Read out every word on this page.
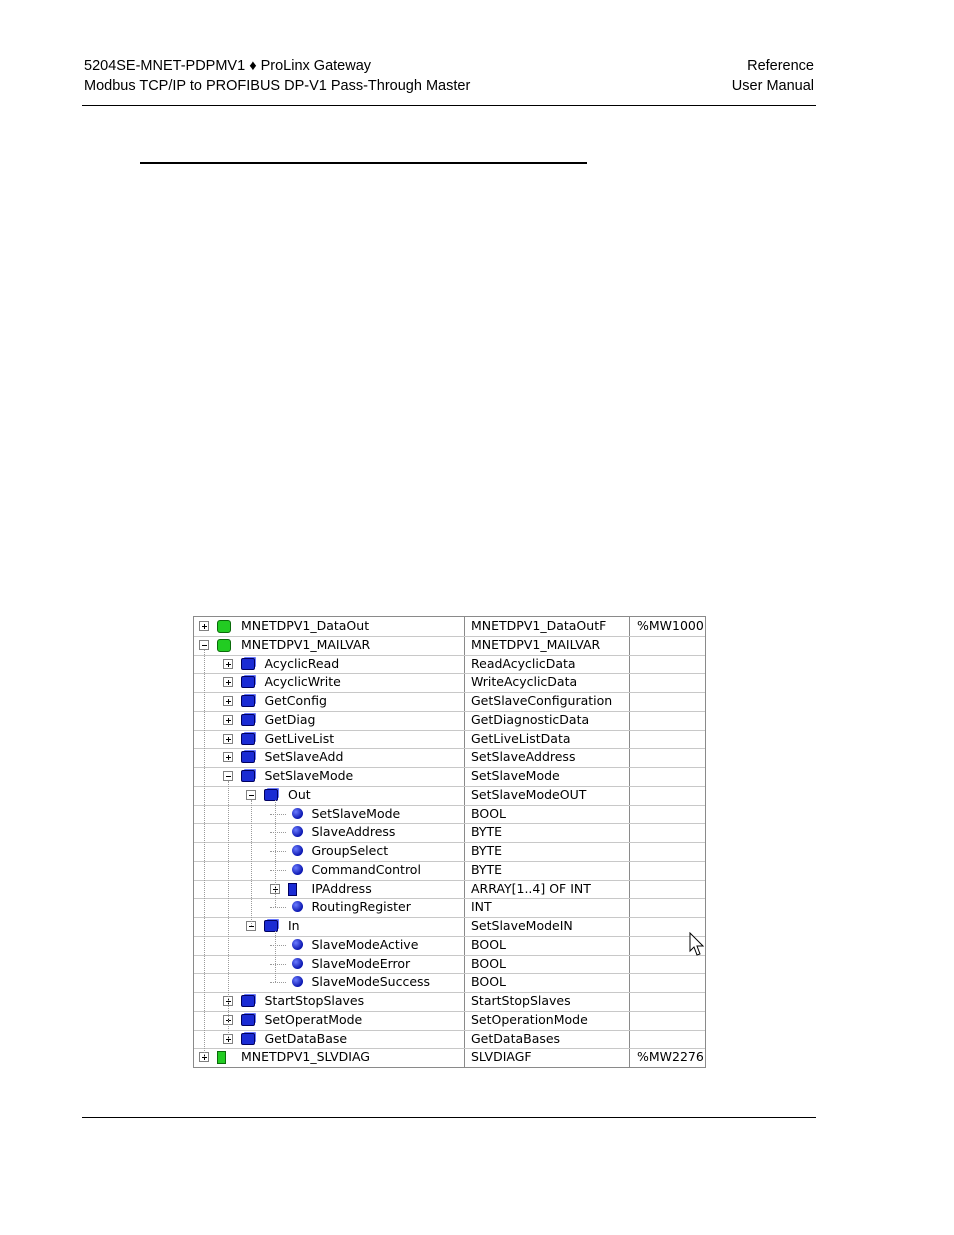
5204SE-MNET-PDPMV1 ♦ ProLinx Gateway
Modbus TCP/IP to PROFIBUS DP-V1 Pass-Through Master
Reference
User Manual
MNETDPV1_DataOut	MNETDPV1_DataOutF %MW1000
MNETDPV1_MAILVAR	MNETDPV1_MAILVAR
AcyclicRead	ReadAcyclicData
AcyclicWrite	WriteAcyclicData
GetConfig	GetSlaveConfiguration
GetDiag	GetDiagnosticData
GetLiveList	GetLiveListData
SetSlaveAdd	SetSlaveAddress
SetSlaveMode	SetSlaveMode
Out	SetSlaveModeOUT
SetSlaveMode	BOOL
SlaveAddress	BYTE
GroupSelect	BYTE
CommandControl	BYTE
IPAddress	ARRAY[1..4] OF INT
RoutingRegister	INT
In	SetSlaveModeIN
SlaveModeActive	BOOL
SlaveModeError	BOOL
SlaveModeSuccess	BOOL
StartStopSlaves	StartStopSlaves
SetOperatMode	SetOperationMode
GetDataBase	GetDataBases
MNETDPV1_SLVDIAG	SLVDIAGF	%MW2276
